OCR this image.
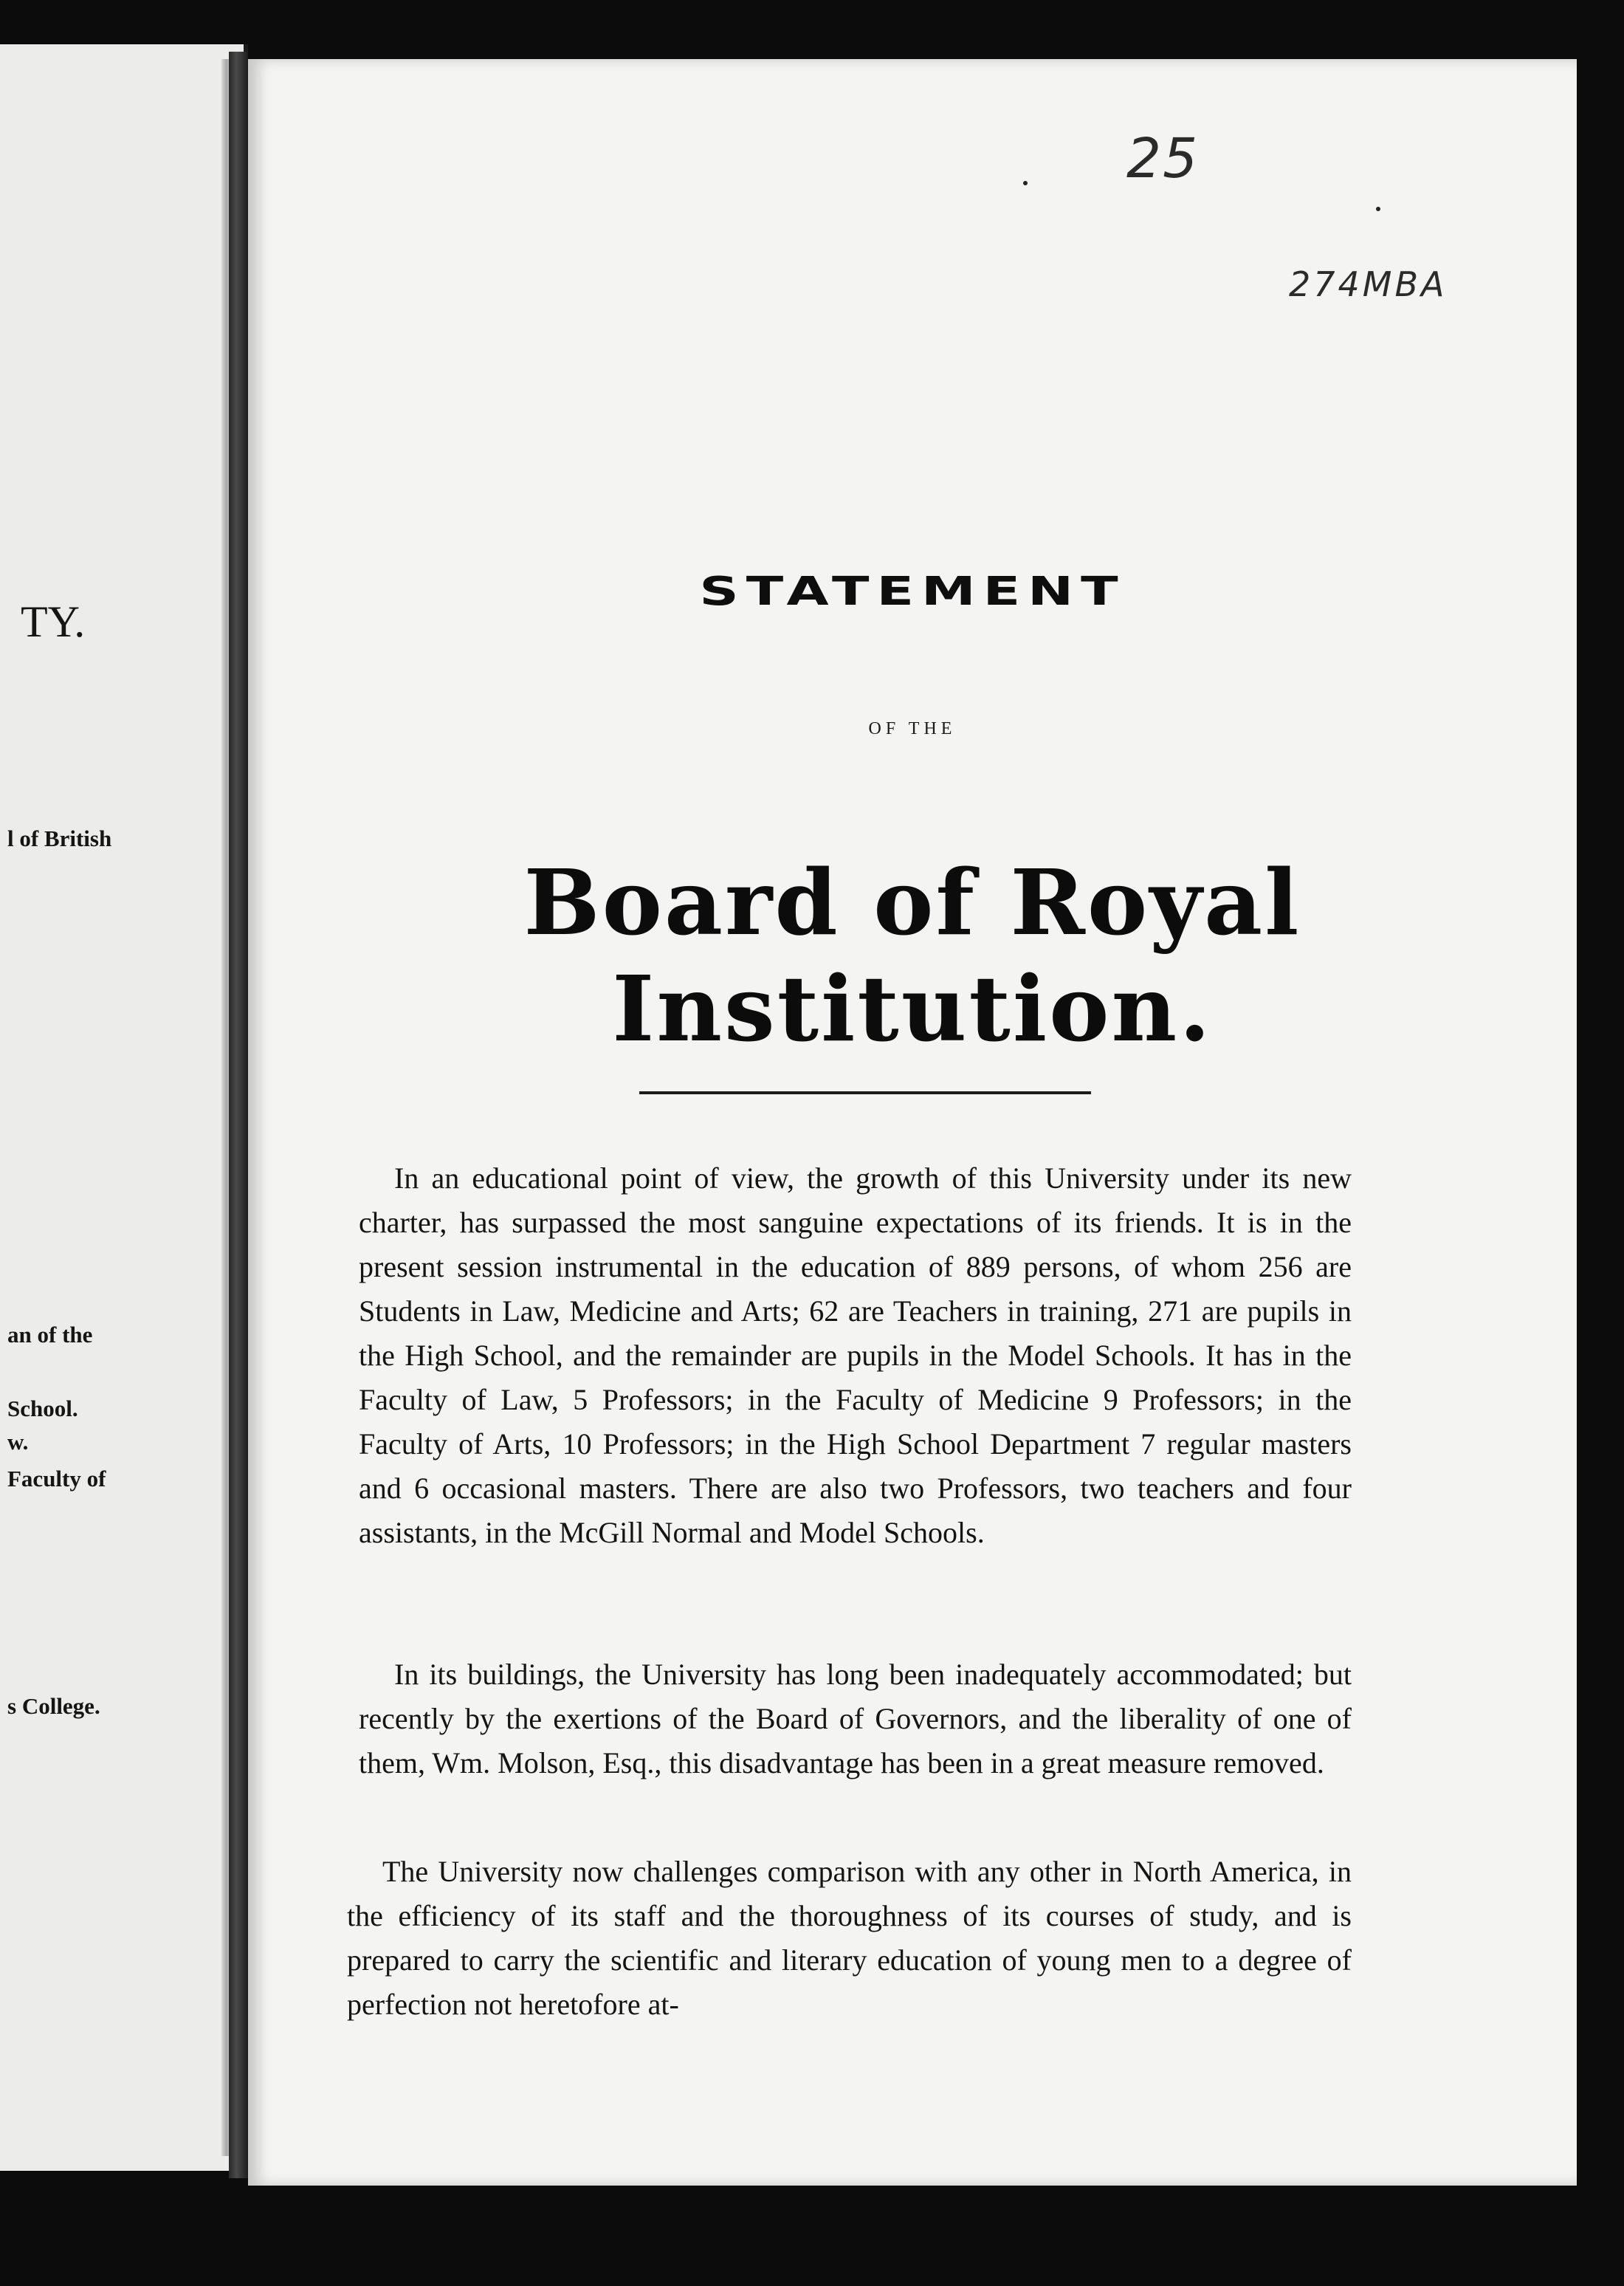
TY.
l of British
an of the
School.
w.
Faculty of
s College.
25
274MBA
STATEMENT
OF THE
Board of Royal Institution.
In an educational point of view, the growth of this University under its new charter, has surpassed the most sanguine expectations of its friends. It is in the present session instrumental in the education of 889 persons, of whom 256 are Students in Law, Medicine and Arts; 62 are Teachers in training, 271 are pupils in the High School, and the remainder are pupils in the Model Schools. It has in the Faculty of Law, 5 Professors; in the Faculty of Medicine 9 Professors; in the Faculty of Arts, 10 Professors; in the High School Department 7 regular masters and 6 occasional masters. There are also two Professors, two teachers and four assistants, in the McGill Normal and Model Schools.
In its buildings, the University has long been inadequately accommodated; but recently by the exertions of the Board of Governors, and the liberality of one of them, Wm. Molson, Esq., this disadvantage has been in a great measure removed.
The University now challenges comparison with any other in North America, in the efficiency of its staff and the thoroughness of its courses of study, and is prepared to carry the scientific and literary education of young men to a degree of perfection not heretofore at-
